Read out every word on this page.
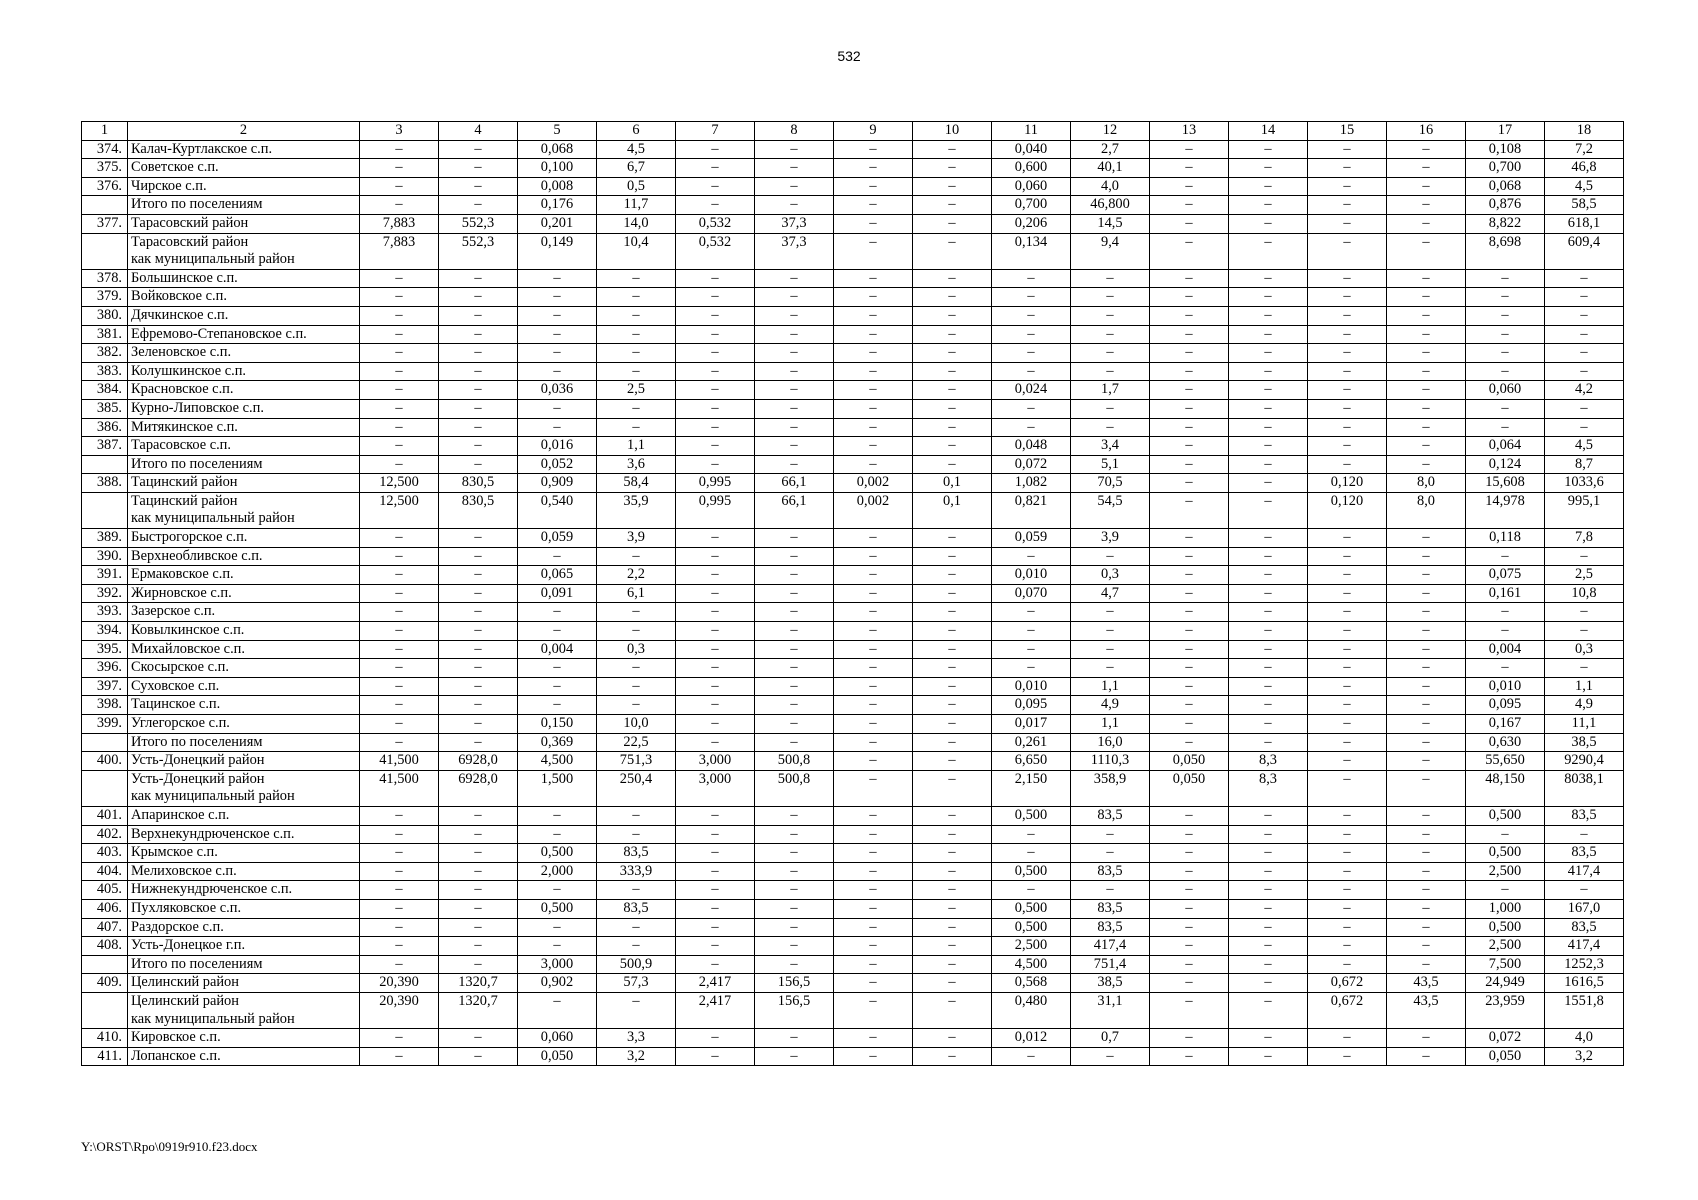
532
1	2	3	4	5	6	7	8	9	10	11	12	13	14	15	16	17	18
374.	Калач-Куртлакское с.п.	–	–	0,068	4,5	–	–	–	–	0,040	2,7	–	–	–	–	0,108	7,2
375.	Советское с.п.	–	–	0,100	6,7	–	–	–	–	0,600	40,1	–	–	–	–	0,700	46,8
376.	Чирское с.п.	–	–	0,008	0,5	–	–	–	–	0,060	4,0	–	–	–	–	0,068	4,5

	Итого по поселениям	–	–	0,176	11,7	–	–	–	–	0,700	46,800	–	–	–	–	0,876	58,5
377.	Тарасовский район	7,883	552,3	0,201	14,0	0,532	37,3	–	–	0,206	14,5	–	–	–	–	8,822	618,1

	Тарасовский район
как муниципальный район	7,883	552,3	0,149	10,4	0,532	37,3	–	–	0,134	9,4	–	–	–	–	8,698	609,4
378.	Большинское с.п.	–	–	–	–	–	–	–	–	–	–	–	–	–	–	–	–
379.	Войковское с.п.	–	–	–	–	–	–	–	–	–	–	–	–	–	–	–	–
380.	Дячкинское с.п.	–	–	–	–	–	–	–	–	–	–	–	–	–	–	–	–
381.	Ефремово-Степановское с.п.	–	–	–	–	–	–	–	–	–	–	–	–	–	–	–	–
382.	Зеленовское с.п.	–	–	–	–	–	–	–	–	–	–	–	–	–	–	–	–
383.	Колушкинское с.п.	–	–	–	–	–	–	–	–	–	–	–	–	–	–	–	–
384.	Красновское с.п.	–	–	0,036	2,5	–	–	–	–	0,024	1,7	–	–	–	–	0,060	4,2
385.	Курно-Липовское с.п.	–	–	–	–	–	–	–	–	–	–	–	–	–	–	–	–
386.	Митякинское с.п.	–	–	–	–	–	–	–	–	–	–	–	–	–	–	–	–
387.	Тарасовское с.п.	–	–	0,016	1,1	–	–	–	–	0,048	3,4	–	–	–	–	0,064	4,5

	Итого по поселениям	–	–	0,052	3,6	–	–	–	–	0,072	5,1	–	–	–	–	0,124	8,7
388.	Тацинский район	12,500	830,5	0,909	58,4	0,995	66,1	0,002	0,1	1,082	70,5	–	–	0,120	8,0	15,608	1033,6

	Тацинский район
как муниципальный район	12,500	830,5	0,540	35,9	0,995	66,1	0,002	0,1	0,821	54,5	–	–	0,120	8,0	14,978	995,1
389.	Быстрогорское с.п.	–	–	0,059	3,9	–	–	–	–	0,059	3,9	–	–	–	–	0,118	7,8
390.	Верхнеобливское с.п.	–	–	–	–	–	–	–	–	–	–	–	–	–	–	–	–
391.	Ермаковское с.п.	–	–	0,065	2,2	–	–	–	–	0,010	0,3	–	–	–	–	0,075	2,5
392.	Жирновское с.п.	–	–	0,091	6,1	–	–	–	–	0,070	4,7	–	–	–	–	0,161	10,8
393.	Зазерское с.п.	–	–	–	–	–	–	–	–	–	–	–	–	–	–	–	–
394.	Ковылкинское с.п.	–	–	–	–	–	–	–	–	–	–	–	–	–	–	–	–
395.	Михайловское с.п.	–	–	0,004	0,3	–	–	–	–	–	–	–	–	–	–	0,004	0,3
396.	Скосырское с.п.	–	–	–	–	–	–	–	–	–	–	–	–	–	–	–	–
397.	Суховское с.п.	–	–	–	–	–	–	–	–	0,010	1,1	–	–	–	–	0,010	1,1
398.	Тацинское с.п.	–	–	–	–	–	–	–	–	0,095	4,9	–	–	–	–	0,095	4,9
399.	Углегорское с.п.	–	–	0,150	10,0	–	–	–	–	0,017	1,1	–	–	–	–	0,167	11,1

	Итого по поселениям	–	–	0,369	22,5	–	–	–	–	0,261	16,0	–	–	–	–	0,630	38,5
400.	Усть-Донецкий район	41,500	6928,0	4,500	751,3	3,000	500,8	–	–	6,650	1110,3	0,050	8,3	–	–	55,650	9290,4

	Усть-Донецкий район
как муниципальный район	41,500	6928,0	1,500	250,4	3,000	500,8	–	–	2,150	358,9	0,050	8,3	–	–	48,150	8038,1
401.	Апаринское с.п.	–	–	–	–	–	–	–	–	0,500	83,5	–	–	–	–	0,500	83,5
402.	Верхнекундрюченское с.п.	–	–	–	–	–	–	–	–	–	–	–	–	–	–	–	–
403.	Крымское с.п.	–	–	0,500	83,5	–	–	–	–	–	–	–	–	–	–	0,500	83,5
404.	Мелиховское с.п.	–	–	2,000	333,9	–	–	–	–	0,500	83,5	–	–	–	–	2,500	417,4
405.	Нижнекундрюченское с.п.	–	–	–	–	–	–	–	–	–	–	–	–	–	–	–	–
406.	Пухляковское с.п.	–	–	0,500	83,5	–	–	–	–	0,500	83,5	–	–	–	–	1,000	167,0
407.	Раздорское с.п.	–	–	–	–	–	–	–	–	0,500	83,5	–	–	–	–	0,500	83,5
408.	Усть-Донецкое г.п.	–	–	–	–	–	–	–	–	2,500	417,4	–	–	–	–	2,500	417,4

	Итого по поселениям	–	–	3,000	500,9	–	–	–	–	4,500	751,4	–	–	–	–	7,500	1252,3
409.	Целинский район	20,390	1320,7	0,902	57,3	2,417	156,5	–	–	0,568	38,5	–	–	0,672	43,5	24,949	1616,5

	Целинский район
как муниципальный район	20,390	1320,7	–	–	2,417	156,5	–	–	0,480	31,1	–	–	0,672	43,5	23,959	1551,8
410.	Кировское с.п.	–	–	0,060	3,3	–	–	–	–	0,012	0,7	–	–	–	–	0,072	4,0
411.	Лопанское с.п.	–	–	0,050	3,2	–	–	–	–	–	–	–	–	–	–	0,050	3,2
Y:\ORST\Rpo\0919r910.f23.docx
